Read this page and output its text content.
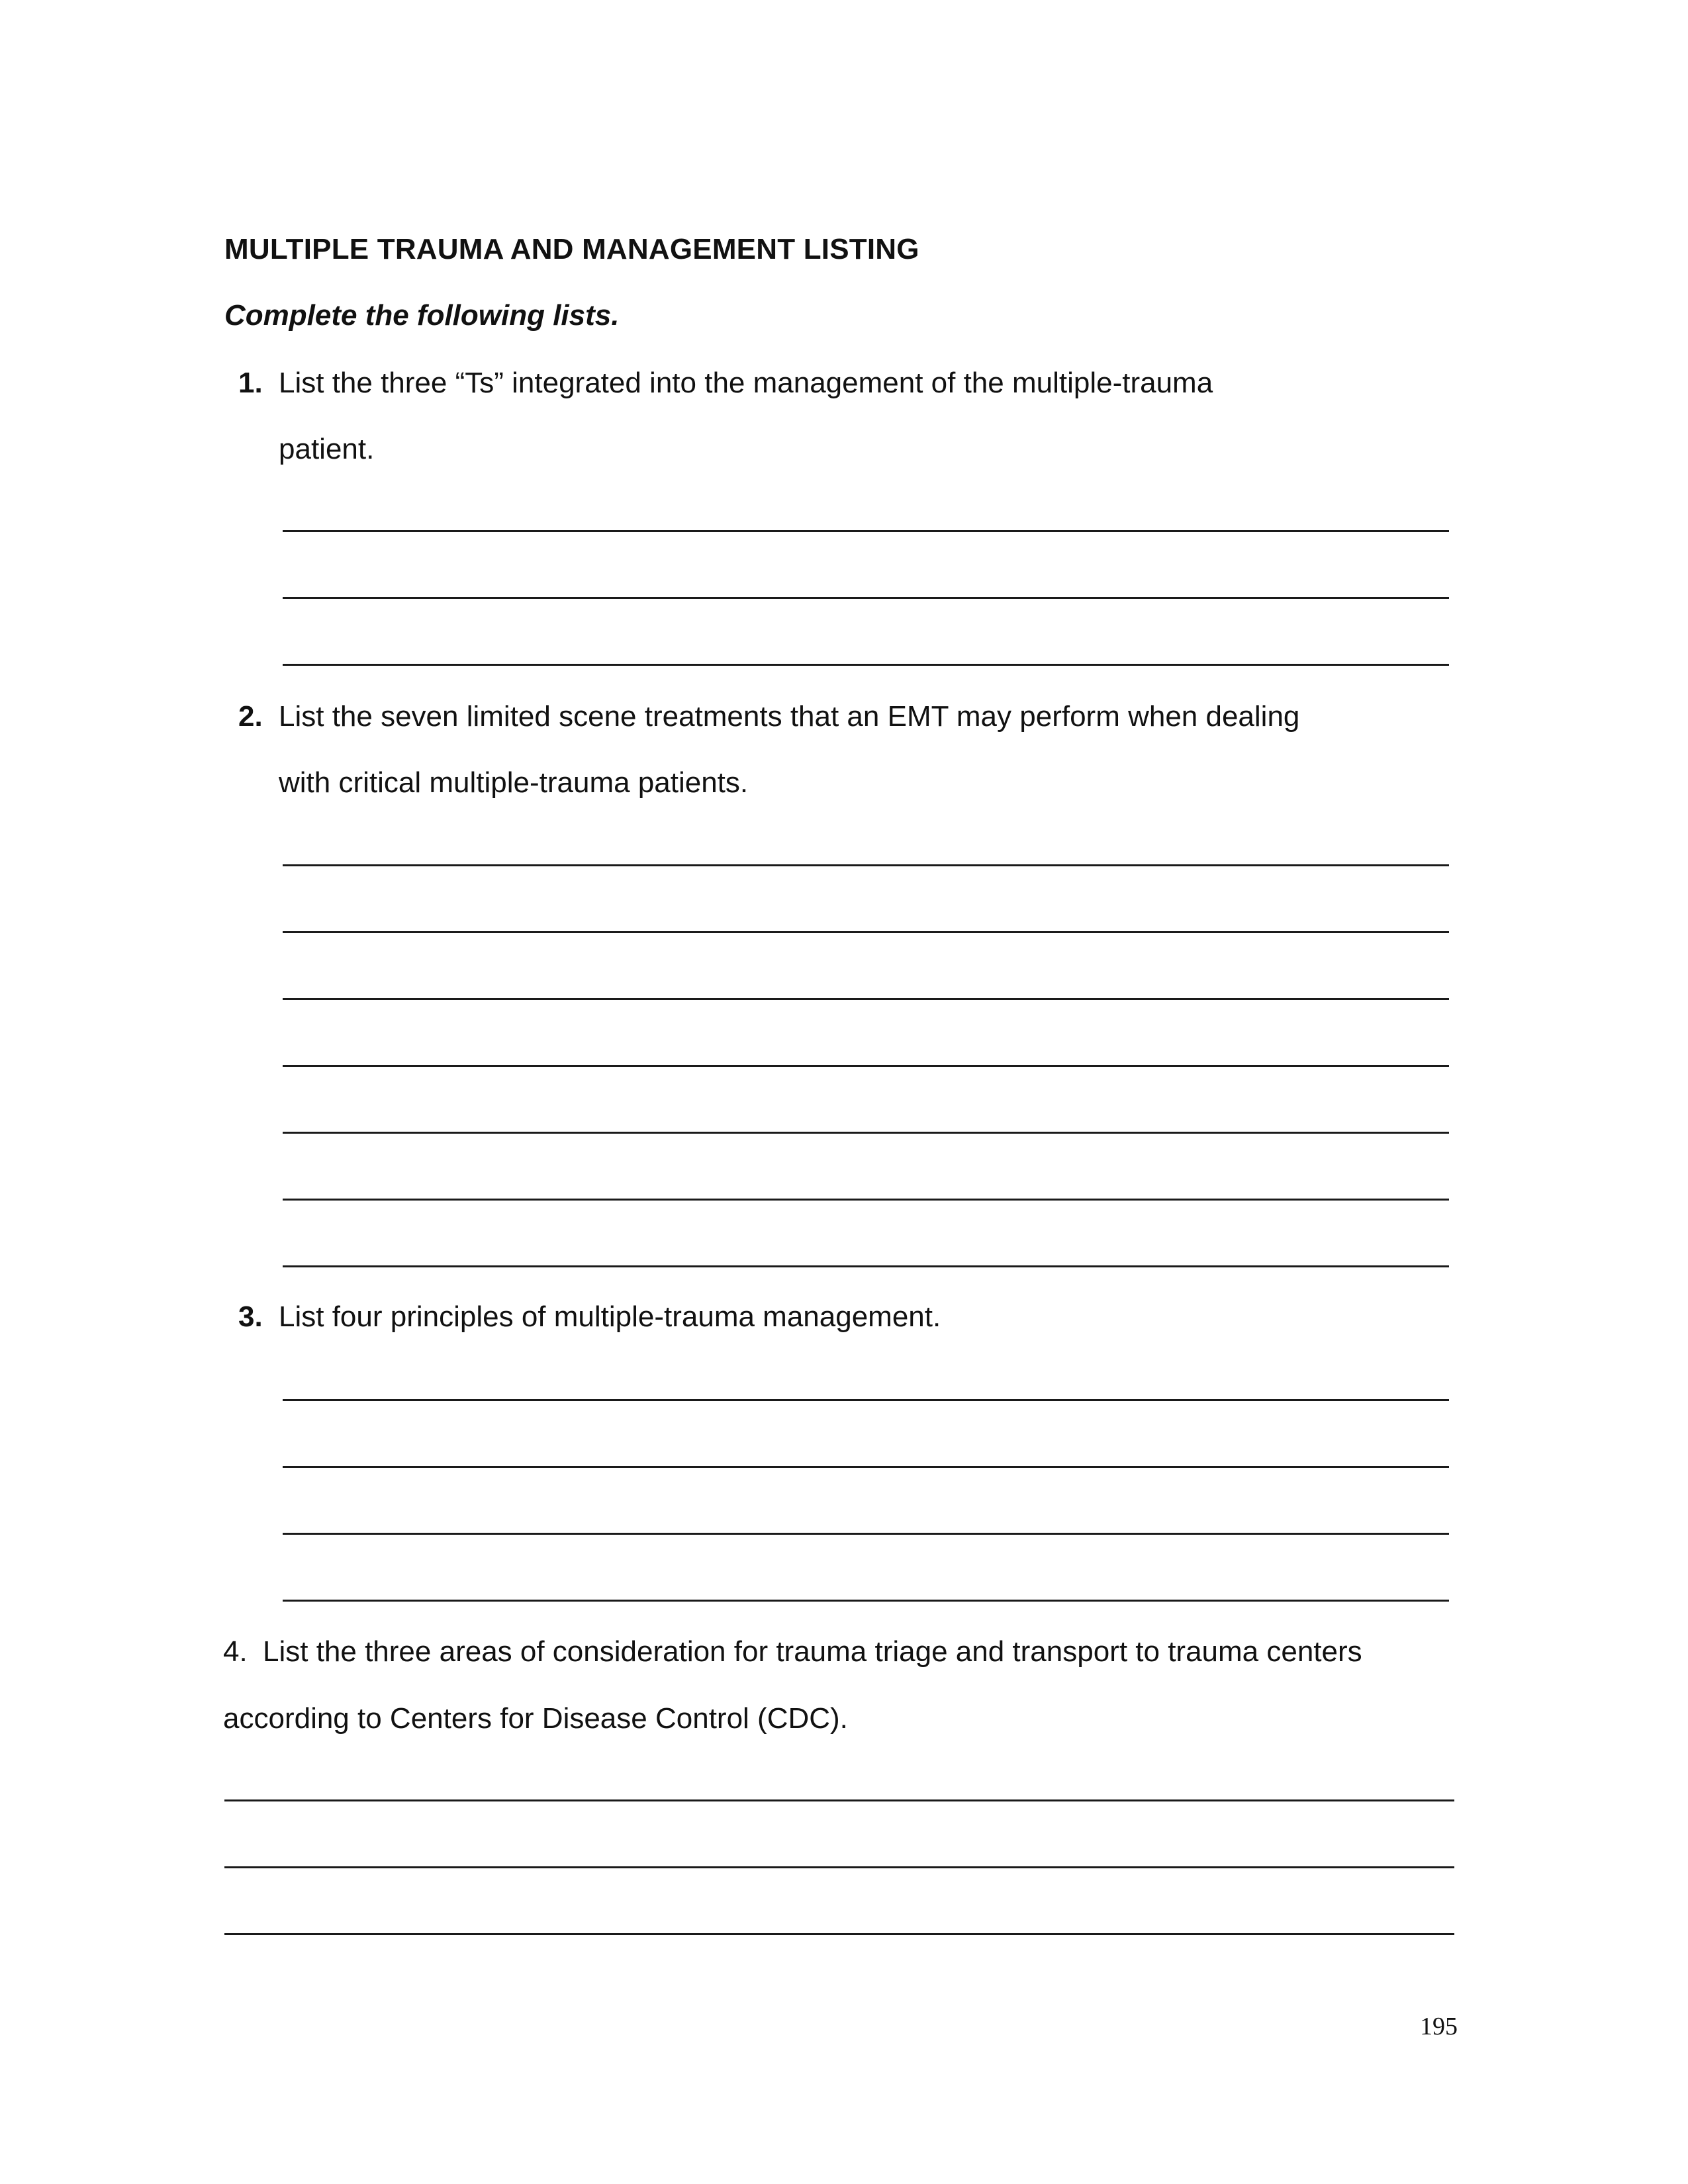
MULTIPLE TRAUMA AND MANAGEMENT LISTING

Complete the following lists.

1. List the three “Ts” integrated into the management of the multiple-trauma
patient.
2. List the seven limited scene treatments that an EMT may perform when dealing
with critical multiple-trauma patients.
3. List four principles of multiple-trauma management.
4. List the three areas of consideration for trauma triage and transport to trauma centers
according to Centers for Disease Control (CDC).
195
